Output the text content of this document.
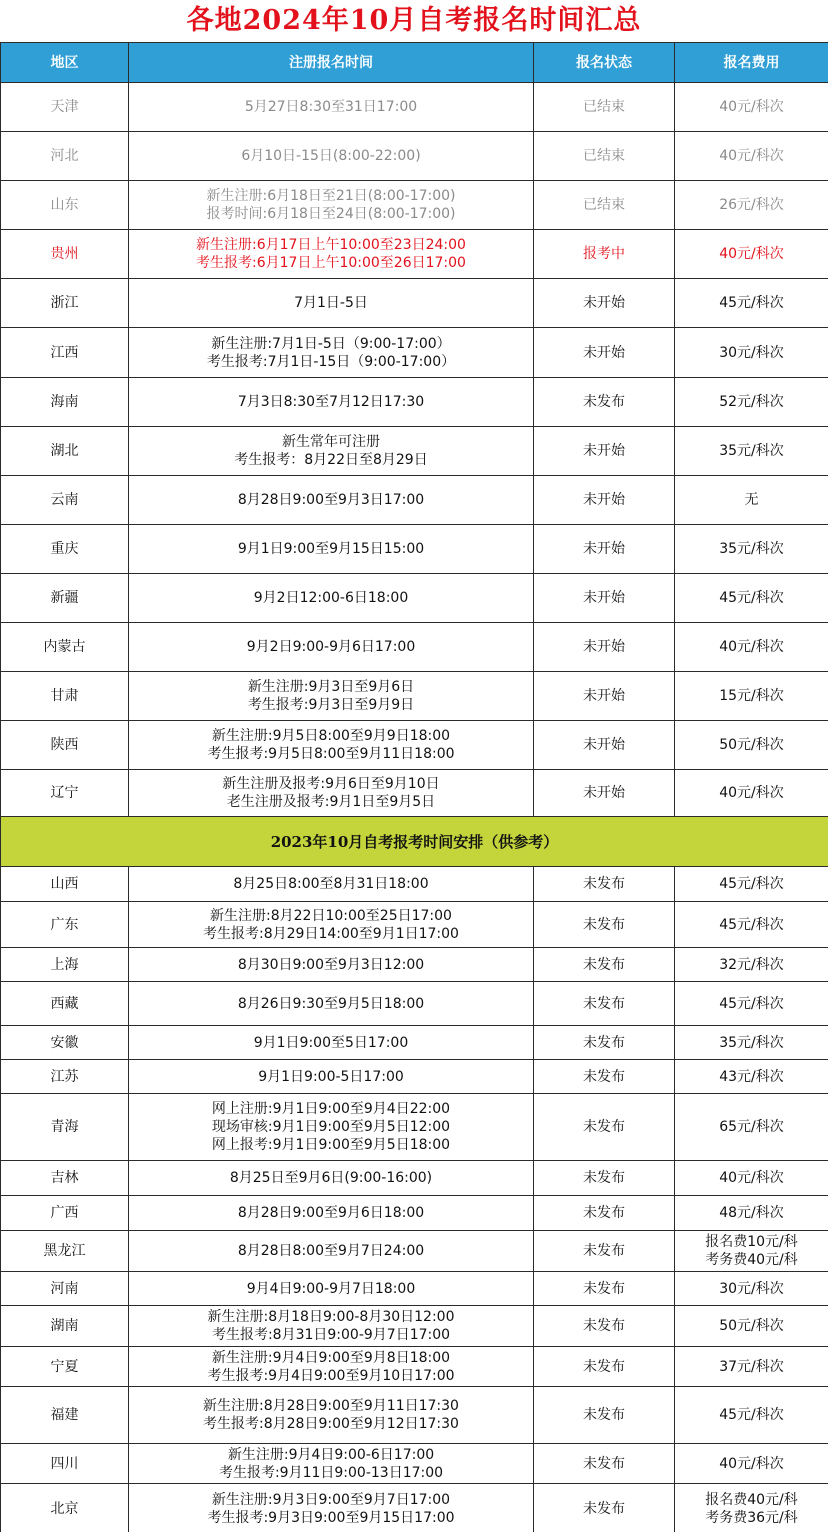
各地2024年10月自考报名时间汇总
地区	注册报名时间	报名状态	报名费用
天津	5月27日8:30至31日17:00	已结束	40元/科次

河北	6月10日-15日(8:00-22:00)	已结束	40元/科次

山东	新生注册:6月18日至21日(8:00-17:00)
报考时间:6月18日至24日(8:00-17:00)	已结束	26元/科次

贵州	新生注册:6月17日上午10:00至23日24:00
考生报考:6月17日上午10:00至26日17:00	报考中	40元/科次

浙江	7月1日-5日	未开始	45元/科次

江西	新生注册:7月1日-5日（9:00-17:00）
考生报考:7月1日-15日（9:00-17:00）	未开始	30元/科次

海南	7月3日8:30至7月12日17:30	未发布	52元/科次

湖北	新生常年可注册
考生报考：8月22日至8月29日	未开始	35元/科次

云南	8月28日9:00至9月3日17:00	未开始	无

重庆	9月1日9:00至9月15日15:00	未开始	35元/科次

新疆	9月2日12:00-6日18:00	未开始	45元/科次

内蒙古	9月2日9:00-9月6日17:00	未开始	40元/科次

甘肃	新生注册:9月3日至9月6日
考生报考:9月3日至9月9日	未开始	15元/科次

陕西	新生注册:9月5日8:00至9月9日18:00
考生报考:9月5日8:00至9月11日18:00	未开始	50元/科次

辽宁	新生注册及报考:9月6日至9月10日
老生注册及报考:9月1日至9月5日	未开始	40元/科次

2023年10月自考报考时间安排（供参考）			
山西	8月25日8:00至8月31日18:00	未发布	45元/科次

广东	新生注册:8月22日10:00至25日17:00
考生报考:8月29日14:00至9月1日17:00	未发布	45元/科次

上海	8月30日9:00至9月3日12:00	未发布	32元/科次

西藏	8月26日9:30至9月5日18:00	未发布	45元/科次

安徽	9月1日9:00至5日17:00	未发布	35元/科次

江苏	9月1日9:00-5日17:00	未发布	43元/科次

青海	网上注册:9月1日9:00至9月4日22:00
现场审核:9月1日9:00至9月5日12:00
网上报考:9月1日9:00至9月5日18:00	未发布	65元/科次

吉林	8月25日至9月6日(9:00-16:00)	未发布	40元/科次

广西	8月28日9:00至9月6日18:00	未发布	48元/科次

黑龙江	8月28日8:00至9月7日24:00	未发布	报名费10元/科
考务费40元/科

河南	9月4日9:00-9月7日18:00	未发布	30元/科次

湖南	新生注册:8月18日9:00-8月30日12:00
考生报考:8月31日9:00-9月7日17:00	未发布	50元/科次

宁夏	新生注册:9月4日9:00至9月8日18:00
考生报考:9月4日9:00至9月10日17:00	未发布	37元/科次

福建	新生注册:8月28日9:00至9月11日17:30
考生报考:8月28日9:00至9月12日17:30	未发布	45元/科次

四川	新生注册:9月4日9:00-6日17:00
考生报考:9月11日9:00-13日17:00	未发布	40元/科次

北京	新生注册:9月3日9:00至9月7日17:00
考生报考:9月3日9:00至9月15日17:00	未发布	报名费40元/科
考务费36元/科
